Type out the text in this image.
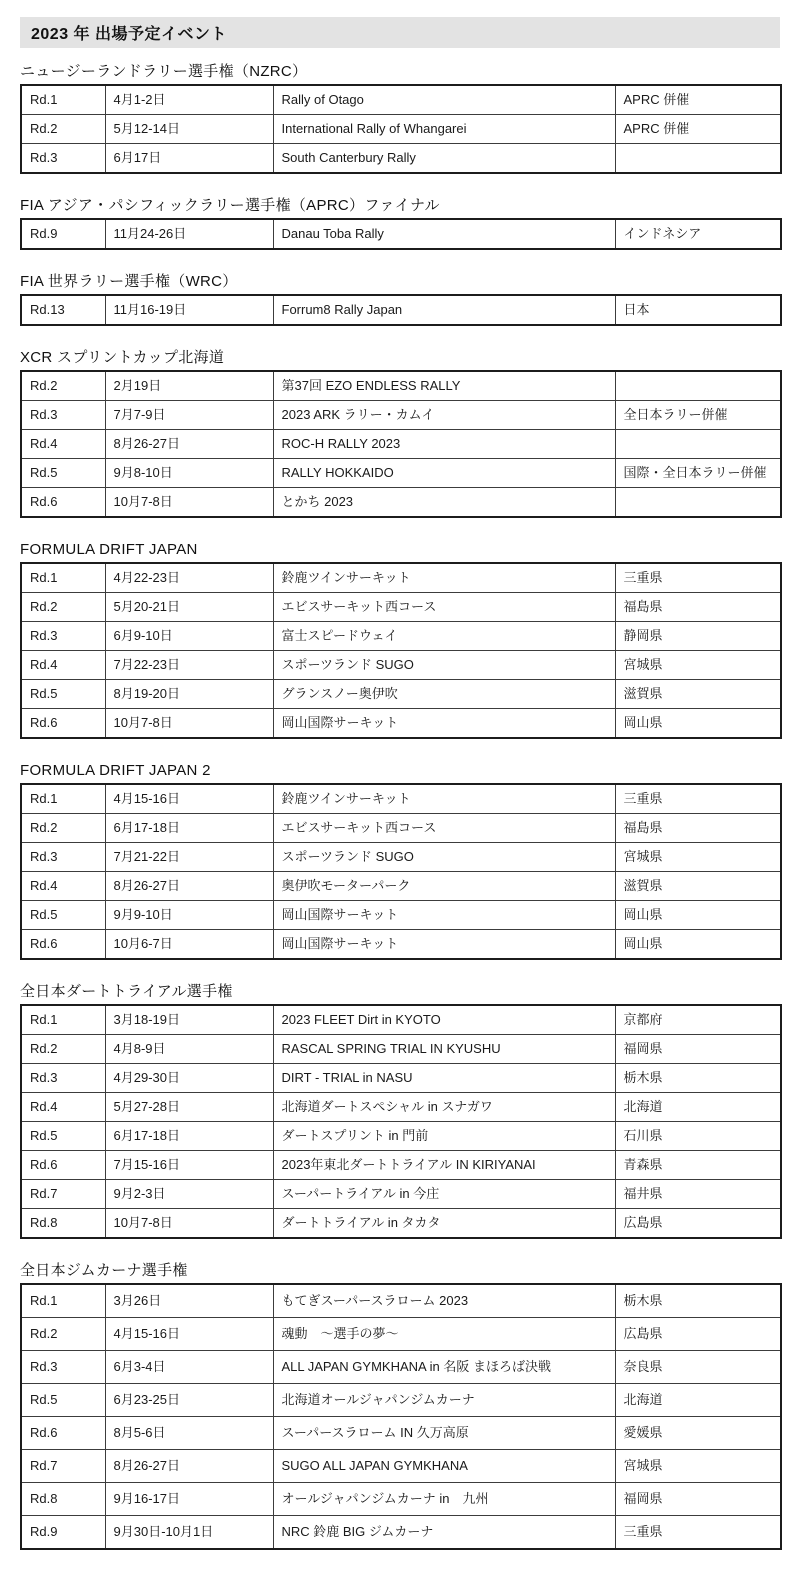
2023 年 出場予定イベント
ニュージーランドラリー選手権（NZRC）
Rd.1	4月1-2日	Rally of Otago	APRC 併催
Rd.2	5月12-14日	International Rally of Whangarei	APRC 併催
Rd.3	6月17日	South Canterbury Rally	
FIA アジア・パシフィックラリー選手権（APRC）ファイナル
Rd.9	11月24-26日	Danau Toba Rally	インドネシア
FIA 世界ラリー選手権（WRC）
Rd.13	11月16-19日	Forrum8 Rally Japan	日本
XCR スプリントカップ北海道
Rd.2	2月19日	第37回 EZO ENDLESS RALLY	
Rd.3	7月7-9日	2023 ARK ラリー・カムイ	全日本ラリー併催
Rd.4	8月26-27日	ROC-H RALLY 2023	
Rd.5	9月8-10日	RALLY HOKKAIDO	国際・全日本ラリー併催
Rd.6	10月7-8日	とかち 2023	
FORMULA DRIFT JAPAN
Rd.1	4月22-23日	鈴鹿ツインサーキット	三重県
Rd.2	5月20-21日	エビスサーキット西コース	福島県
Rd.3	6月9-10日	富士スピードウェイ	静岡県
Rd.4	7月22-23日	スポーツランド SUGO	宮城県
Rd.5	8月19-20日	グランスノー奥伊吹	滋賀県
Rd.6	10月7-8日	岡山国際サーキット	岡山県
FORMULA DRIFT JAPAN 2
Rd.1	4月15-16日	鈴鹿ツインサーキット	三重県
Rd.2	6月17-18日	エビスサーキット西コース	福島県
Rd.3	7月21-22日	スポーツランド SUGO	宮城県
Rd.4	8月26-27日	奥伊吹モーターパーク	滋賀県
Rd.5	9月9-10日	岡山国際サーキット	岡山県
Rd.6	10月6-7日	岡山国際サーキット	岡山県
全日本ダートトライアル選手権
Rd.1	3月18-19日	2023 FLEET Dirt in KYOTO	京都府
Rd.2	4月8-9日	RASCAL SPRING TRIAL IN KYUSHU	福岡県
Rd.3	4月29-30日	DIRT - TRIAL in NASU	栃木県
Rd.4	5月27-28日	北海道ダートスペシャル in スナガワ	北海道
Rd.5	6月17-18日	ダートスプリント in 門前	石川県
Rd.6	7月15-16日	2023年東北ダートトライアル IN KIRIYANAI	青森県
Rd.7	9月2-3日	スーパートライアル in 今庄	福井県
Rd.8	10月7-8日	ダートトライアル in タカタ	広島県
全日本ジムカーナ選手権
Rd.1	3月26日	もてぎスーパースラローム 2023	栃木県
Rd.2	4月15-16日	魂動　～選手の夢～	広島県
Rd.3	6月3-4日	ALL JAPAN GYMKHANA in 名阪 まほろば決戦	奈良県
Rd.5	6月23-25日	北海道オールジャパンジムカーナ	北海道
Rd.6	8月5-6日	スーパースラローム IN 久万高原	愛媛県
Rd.7	8月26-27日	SUGO ALL JAPAN GYMKHANA	宮城県
Rd.8	9月16-17日	オールジャパンジムカーナ in　九州	福岡県
Rd.9	9月30日-10月1日	NRC 鈴鹿 BIG ジムカーナ	三重県
